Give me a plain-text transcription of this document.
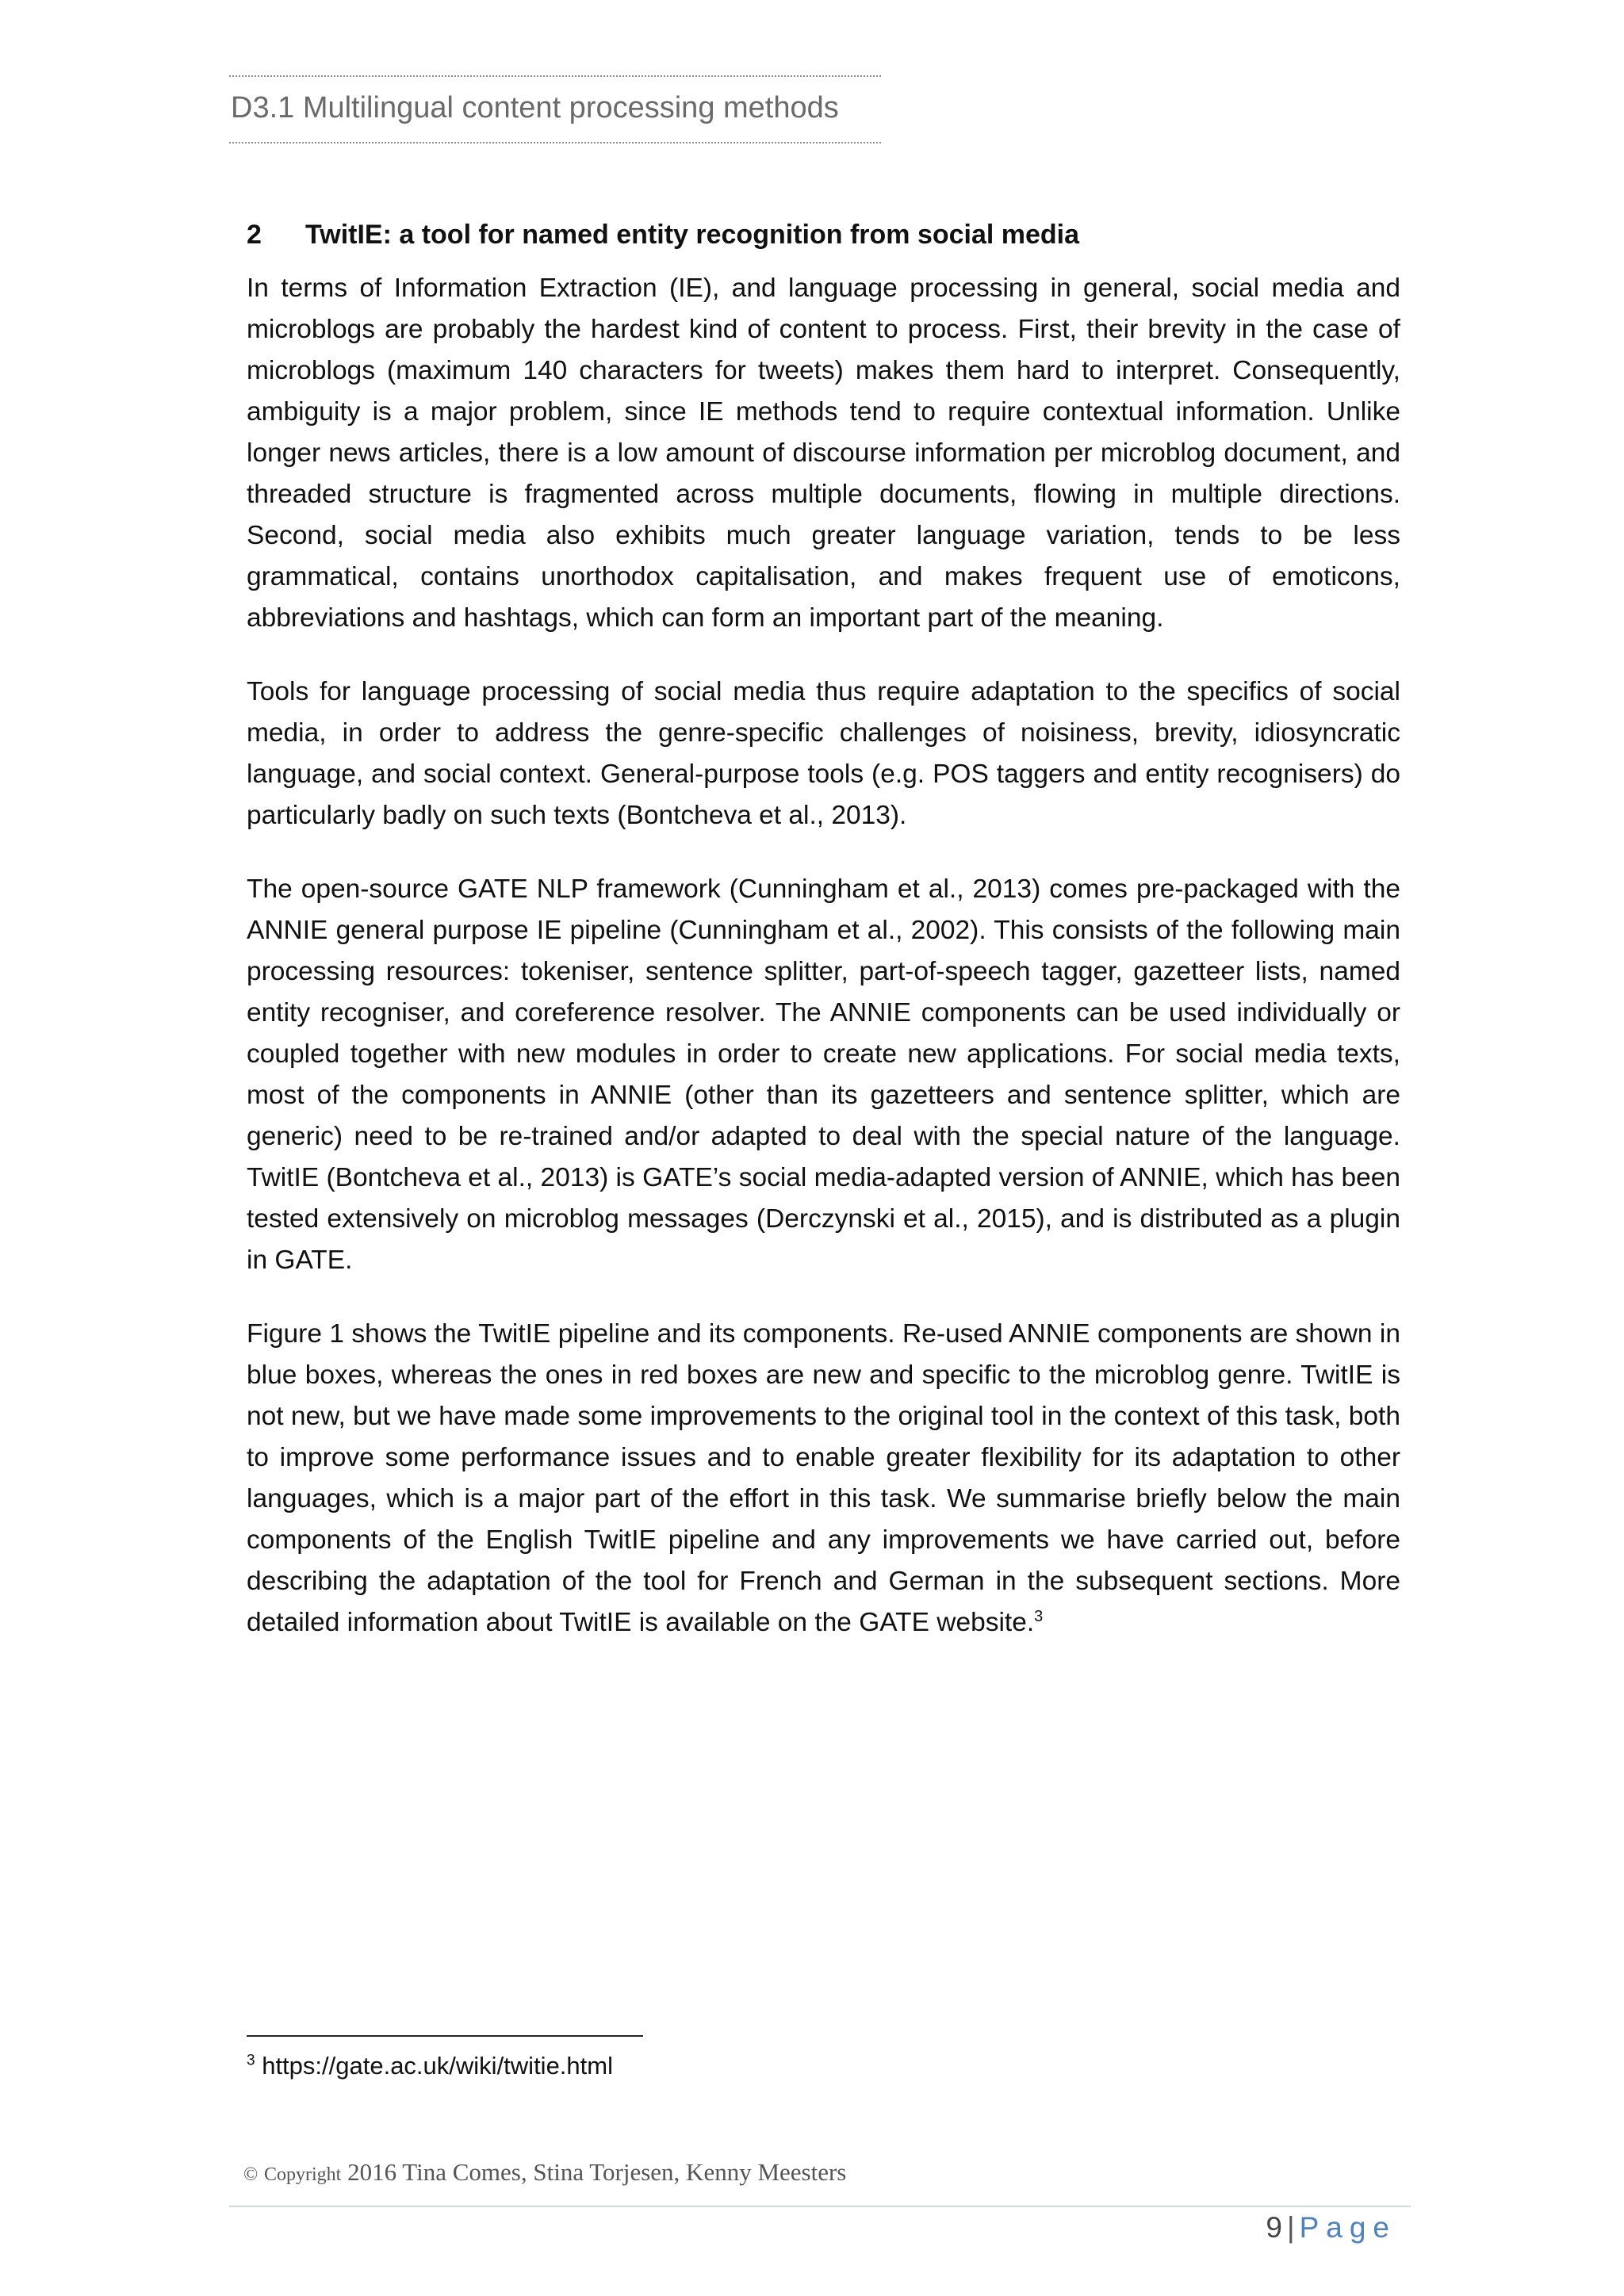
D3.1 Multilingual content processing methods
2 TwitIE: a tool for named entity recognition from social media

In terms of Information Extraction (IE), and language processing in general, social media and microblogs are probably the hardest kind of content to process. First, their brevity in the case of microblogs (maximum 140 characters for tweets) makes them hard to interpret. Consequently, ambiguity is a major problem, since IE methods tend to require contextual information. Unlike longer news articles, there is a low amount of discourse information per microblog document, and threaded structure is fragmented across multiple documents, flowing in multiple directions. Second, social media also exhibits much greater language variation, tends to be less grammatical, contains unorthodox capitalisation, and makes frequent use of emoticons, abbreviations and hashtags, which can form an important part of the meaning.

Tools for language processing of social media thus require adaptation to the specifics of social media, in order to address the genre-specific challenges of noisiness, brevity, idiosyncratic language, and social context. General-purpose tools (e.g. POS taggers and entity recognisers) do particularly badly on such texts (Bontcheva et al., 2013).

The open-source GATE NLP framework (Cunningham et al., 2013) comes pre-packaged with the ANNIE general purpose IE pipeline (Cunningham et al., 2002). This consists of the following main processing resources: tokeniser, sentence splitter, part-of-speech tagger, gazetteer lists, named entity recogniser, and coreference resolver. The ANNIE components can be used individually or coupled together with new modules in order to create new applications. For social media texts, most of the components in ANNIE (other than its gazetteers and sentence splitter, which are generic) need to be re-trained and/or adapted to deal with the special nature of the language. TwitIE (Bontcheva et al., 2013) is GATE’s social media-adapted version of ANNIE, which has been tested extensively on microblog messages (Derczynski et al., 2015), and is distributed as a plugin in GATE.

Figure 1 shows the TwitIE pipeline and its components. Re-used ANNIE components are shown in blue boxes, whereas the ones in red boxes are new and specific to the microblog genre. TwitIE is not new, but we have made some improvements to the original tool in the context of this task, both to improve some performance issues and to enable greater flexibility for its adaptation to other languages, which is a major part of the effort in this task. We summarise briefly below the main components of the English TwitIE pipeline and any improvements we have carried out, before describing the adaptation of the tool for French and German in the subsequent sections. More detailed information about TwitIE is available on the GATE website.$^3$

$^3$ https://gate.ac.uk/wiki/twitie.html
© Copyright 2016 Tina Comes, Stina Torjesen, Kenny Meesters
9 | Page
